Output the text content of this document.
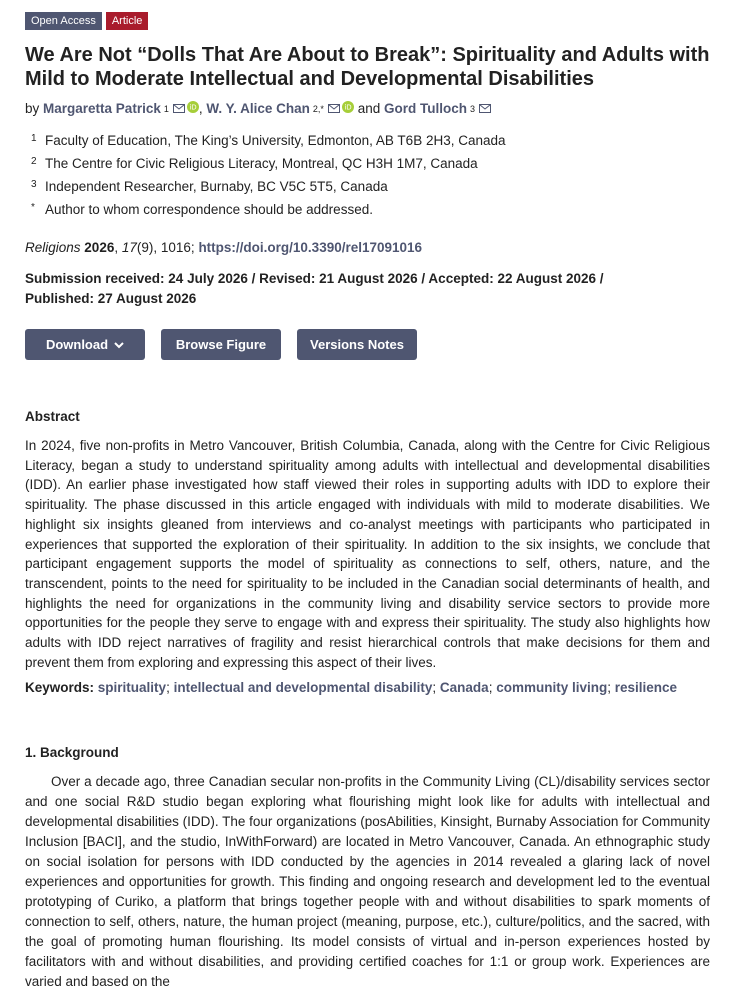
Open Access	Article
We Are Not “Dolls That Are About to Break”: Spirituality and Adults with Mild to Moderate Intellectual and Developmental Disabilities
by
Margaretta Patrick 1	iD , W. Y. Alice Chan 2,*	iD
and
Gord Tulloch 3
1 Faculty of Education, The King’s University, Edmonton, AB T6B 2H3, Canada
2 The Centre for Civic Religious Literacy, Montreal, QC H3H 1M7, Canada
3 Independent Researcher, Burnaby, BC V5C 5T5, Canada
* Author to whom correspondence should be addressed.
Religions 2026, 17(9), 1016; https://doi.org/10.3390/rel17091016
Submission received: 24 July 2026 / Revised: 21 August 2026 / Accepted: 22 August 2026 /
Published: 27 August 2026
Download	Browse Figure	Versions Notes
Abstract
In 2024, five non-profits in Metro Vancouver, British Columbia, Canada, along with the Centre for Civic Religious Literacy, began a study to understand spirituality among adults with intellectual and developmental disabilities (IDD). An earlier phase investigated how staff viewed their roles in supporting adults with IDD to explore their spirituality. The phase discussed in this article engaged with individuals with mild to moderate disabilities. We highlight six insights gleaned from interviews and co-analyst meetings with participants who participated in experiences that supported the exploration of their spirituality. In addition to the six insights, we conclude that participant engagement supports the model of spirituality as connections to self, others, nature, and the transcendent, points to the need for spirituality to be included in the Canadian social determinants of health, and highlights the need for organizations in the community living and disability service sectors to provide more opportunities for the people they serve to engage with and express their spirituality. The study also highlights how adults with IDD reject narratives of fragility and resist hierarchical controls that make decisions for them and prevent them from exploring and expressing this aspect of their lives.
Keywords: spirituality; intellectual and developmental disability; Canada; community living; resilience
1. Background
Over a decade ago, three Canadian secular non-profits in the Community Living (CL)/disability services sector and one social R&D studio began exploring what flourishing might look like for adults with intellectual and developmental disabilities (IDD). The four organizations (posAbilities, Kinsight, Burnaby Association for Community Inclusion [BACI], and the studio, InWithForward) are located in Metro Vancouver, Canada. An ethnographic study on social isolation for persons with IDD conducted by the agencies in 2014 revealed a glaring lack of novel experiences and opportunities for growth. This finding and ongoing research and development led to the eventual prototyping of Curiko, a platform that brings together people with and without disabilities to spark moments of connection to self, others, nature, the human project (meaning, purpose, etc.), culture/politics, and the sacred, with the goal of promoting human flourishing. Its model consists of virtual and in-person experiences hosted by facilitators with and without disabilities, and providing certified coaches for 1:1 or group work. Experiences are varied and based on the
